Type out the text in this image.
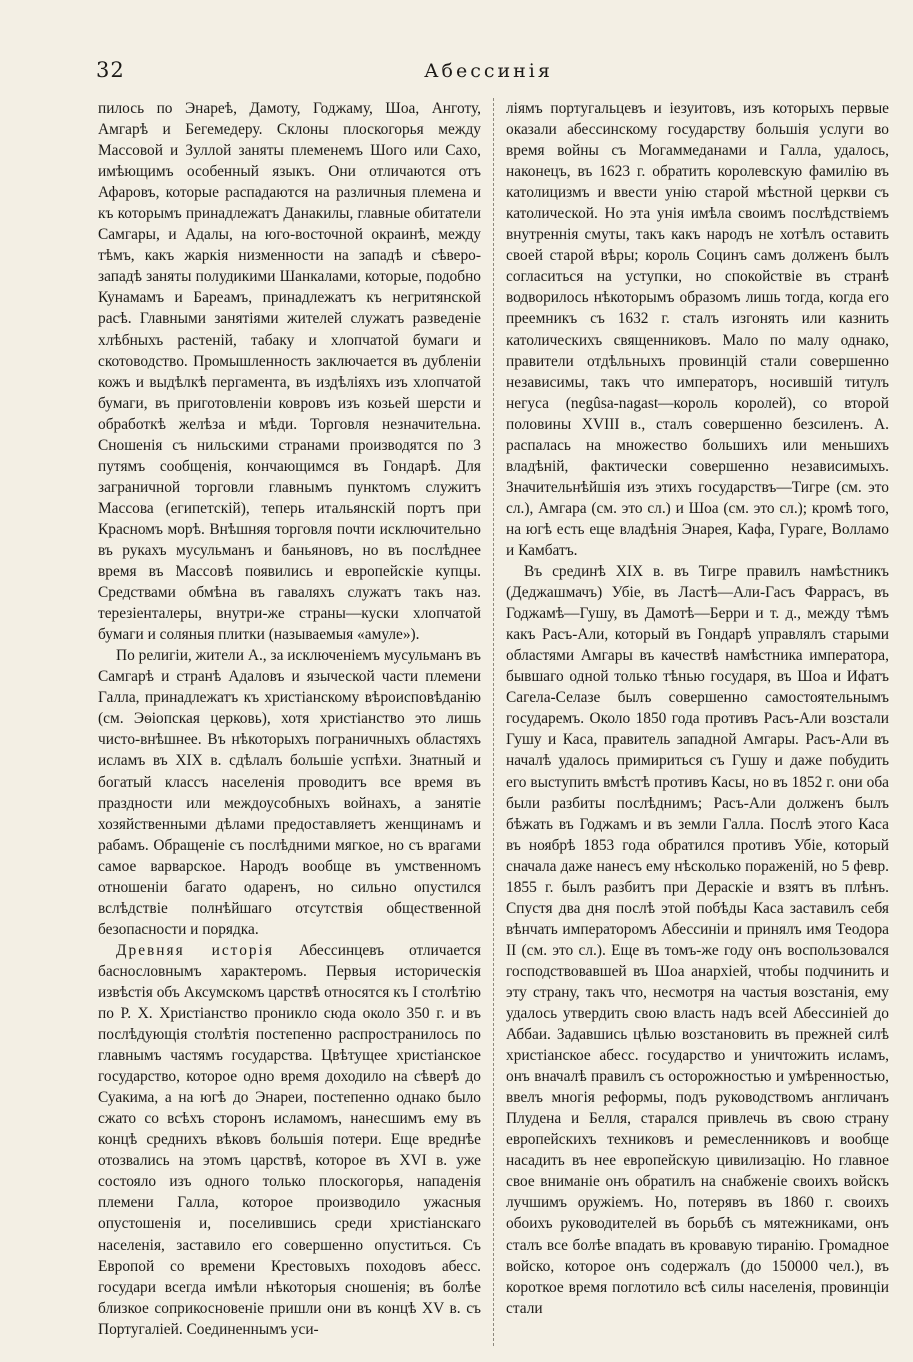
32	Абессинія

пилось по Энареѣ, Дамоту, Годжаму, Шоа, Анготу, Амгарѣ и Бегемедеру. Склоны плоскогорья между Массовой и Зуллой заняты племенемъ Шого или Сахо, имѣющимъ особенный языкъ. Они отличаются отъ Афаровъ, которые распадаются на различныя племена и къ которымъ принадлежатъ Данакилы, главные обитатели Самгары, и Адалы, на юго-восточной окраинѣ, между тѣмъ, какъ жаркія низменности на западѣ и сѣверо-западѣ заняты полудикими Шанкалами, которые, подобно Кунамамъ и Бареамъ, принадлежатъ къ негритянской расѣ. Главными занятіями жителей служатъ разведеніе хлѣбныхъ растеній, табаку и хлопчатой бумаги и скотоводство. Промышленность заключается въ дубленіи кожъ и выдѣлкѣ пергамента, въ издѣліяхъ изъ хлопчатой бумаги, въ приготовленіи ковровъ изъ козьей шерсти и обработкѣ желѣза и мѣди. Торговля незначительна. Сношенія съ нильскими странами производятся по 3 путямъ сообщенія, кончающимся въ Гондарѣ. Для заграничной торговли главнымъ пунктомъ служитъ Массова (египетскій), теперь итальянскій портъ при Красномъ морѣ. Внѣшняя торговля почти исключительно въ рукахъ мусульманъ и баньяновъ, но въ послѣднее время въ Массовѣ появились и европейскіе купцы. Средствами обмѣна въ гаваляхъ служатъ такъ наз. терезіенталеры, внутри-же страны—куски хлопчатой бумаги и соляныя плитки (называемыя «амуле»).

По религіи, жители А., за исключеніемъ мусульманъ въ Самгарѣ и странѣ Адаловъ и языческой части племени Галла, принадлежатъ къ христіанскому вѣроисповѣданію (см. Эѳіопская церковь), хотя христіанство это лишь чисто-внѣшнее. Въ нѣкоторыхъ пограничныхъ областяхъ исламъ въ XIX в. сдѣлалъ большіе успѣхи. Знатный и богатый классъ населенія проводитъ все время въ праздности или междоусобныхъ войнахъ, а занятіе хозяйственными дѣлами предоставляетъ женщинамъ и рабамъ. Обращеніе съ послѣдними мягкое, но съ врагами самое варварское. Народъ вообще въ умственномъ отношеніи багато одаренъ, но сильно опустился вслѣдствіе полнѣйшаго отсутствія общественной безопасности и порядка.

Древняя исторія Абессинцевъ отличается баснословнымъ характеромъ. Первыя историческія извѣстія объ Аксумскомъ царствѣ относятся къ I столѣтію по Р. Х. Христіанство проникло сюда около 350 г. и въ послѣдующія столѣтія постепенно распространилось по главнымъ частямъ государства. Цвѣтущее христіанское государство, которое одно время доходило на сѣверѣ до Суакима, а на югѣ до Энареи, постепенно однако было сжато со всѣхъ сторонъ исламомъ, нанесшимъ ему въ концѣ среднихъ вѣковъ большія потери. Еще вреднѣе отозвались на этомъ царствѣ, которое въ XVI в. уже состояло изъ одного только плоскогорья, нападенія племени Галла, которое производило ужасныя опустошенія и, поселившись среди христіанскаго населенія, заставило его совершенно опуститься. Съ Европой со времени Крестовыхъ походовъ абесс. государи всегда имѣли нѣкоторыя сношенія; въ болѣе близкое соприкосновеніе пришли они въ концѣ XV в. съ Португаліей. Соединеннымъ уси-

ліямъ португальцевъ и іезуитовъ, изъ которыхъ первые оказали абессинскому государству большія услуги во время войны съ Могаммеданами и Галла, удалось, наконецъ, въ 1623 г. обратить королевскую фамилію въ католицизмъ и ввести унію старой мѣстной церкви съ католической. Но эта унія имѣла своимъ послѣдствіемъ внутреннія смуты, такъ какъ народъ не хотѣлъ оставить своей старой вѣры; король Социнъ самъ долженъ былъ согласиться на уступки, но спокойствіе въ странѣ водворилось нѣкоторымъ образомъ лишь тогда, когда его преемникъ съ 1632 г. сталъ изгонять или казнить католическихъ священниковъ. Мало по малу однако, правители отдѣльныхъ провинцій стали совершенно независимы, такъ что императоръ, носившій титулъ негуса (negûsa-nagast—король королей), со второй половины XVIII в., сталъ совершенно безсиленъ. А. распалась на множество большихъ или меньшихъ владѣній, фактически совершенно независимыхъ. Значительнѣйшія изъ этихъ государствъ—Тигре (см. это сл.), Амгара (см. это сл.) и Шоа (см. это сл.); кромѣ того, на югѣ есть еще владѣнія Энарея, Кафа, Гураге, Волламо и Камбатъ.

Въ срединѣ XIX в. въ Тигре правилъ намѣстникъ (Деджашмачъ) Убіе, въ Ластѣ—Али-Гасъ Фаррасъ, въ Годжамѣ—Гушу, въ Дамотѣ—Берри и т. д., между тѣмъ какъ Расъ-Али, который въ Гондарѣ управлялъ старыми областями Амгары въ качествѣ намѣстника императора, бывшаго одной только тѣнью государя, въ Шоа и Ифатъ Сагела-Селазе былъ совершенно самостоятельнымъ государемъ. Около 1850 года противъ Расъ-Али возстали Гушу и Каса, правитель западной Амгары. Расъ-Али въ началѣ удалось примириться съ Гушу и даже побудить его выступить вмѣстѣ противъ Касы, но въ 1852 г. они оба были разбиты послѣднимъ; Расъ-Али долженъ былъ бѣжать въ Годжамъ и въ земли Галла. Послѣ этого Каса въ ноябрѣ 1853 года обратился противъ Убіе, который сначала даже нанесъ ему нѣсколько пораженій, но 5 февр. 1855 г. былъ разбитъ при Дераскіе и взятъ въ плѣнъ. Спустя два дня послѣ этой побѣды Каса заставилъ себя вѣнчать императоромъ Абессиніи и принялъ имя Теодора II (см. это сл.). Еще въ томъ-же году онъ воспользовался господствовавшей въ Шоа анархіей, чтобы подчинить и эту страну, такъ что, несмотря на частыя возстанія, ему удалось утвердить свою власть надъ всей Абессиніей до Аббаи. Задавшись цѣлью возстановить въ прежней силѣ христіанское абесс. государство и уничтожить исламъ, онъ вначалѣ правилъ съ осторожностью и умѣренностью, ввелъ многія реформы, подъ руководствомъ англичанъ Плудена и Белля, старался привлечь въ свою страну европейскихъ техниковъ и ремесленниковъ и вообще насадить въ нее европейскую цивилизацію. Но главное свое вниманіе онъ обратилъ на снабженіе своихъ войскъ лучшимъ оружіемъ. Но, потерявъ въ 1860 г. своихъ обоихъ руководителей въ борьбѣ съ мятежниками, онъ сталъ все болѣе впадать въ кровавую тиранію. Громадное войско, которое онъ содержалъ (до 150000 чел.), въ короткое время поглотило всѣ силы населенія, провинціи стали
